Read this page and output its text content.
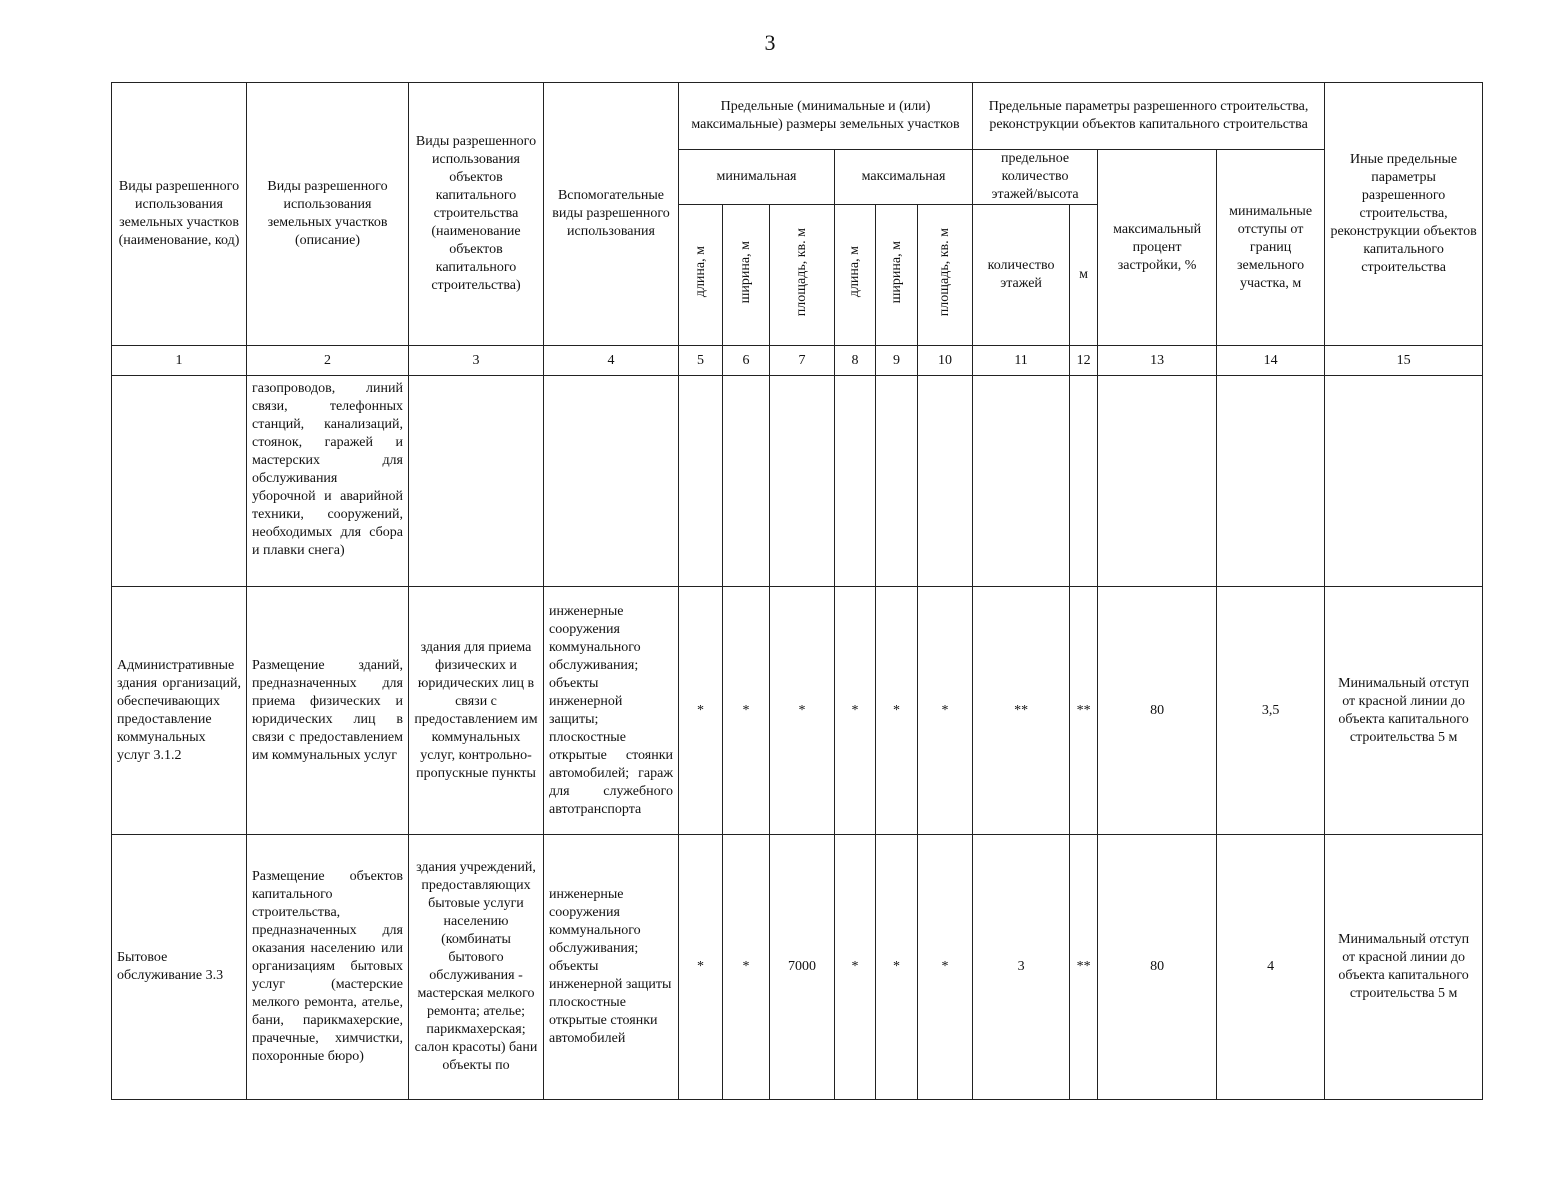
3
Виды разрешенного использования земельных участков (наименование, код)	Виды разрешенного использования земельных участков (описание)	Виды разрешенного использования объектов капитального строительства (наименование объектов капитального строительства)	Вспомогательные виды разрешенного использования	Предельные (минимальные и (или) максимальные) размеры земельных участков						Предельные параметры разрешенного строительства, реконструкции объектов капитального строительства				Иные предельные параметры разрешенного строительства, реконструкции объектов капитального строительства
				минимальная			максимальная			предельное количество этажей/высота		максимальный процент застройки, %	минимальные отступы от границ земельного участка, м	
				длина, м	ширина, м	площадь, кв. м	длина, м	ширина, м	площадь, кв. м	количество этажей	м			
1	2	3	4	5	6	7	8	9	10	11	12	13	14	15
	газопроводов, линий связи, телефонных станций, канализаций, стоянок, гаражей и мастерских для обслуживания уборочной и аварийной техники, сооружений, необходимых для сбора и плавки снега)													
Административные здания организаций, обеспечивающих предоставление коммунальных услуг 3.1.2	Размещение зданий, предназначенных для приема физических и юридических лиц в связи с предоставлением им коммунальных услуг	здания для приема физических и юридических лиц в связи с предоставлением им коммунальных услуг, контрольно-пропускные пункты	инженерные сооружения коммунального обслуживания; объекты инженерной защиты; плоскостные открытые стоянки автомобилей; гараж для служебного автотранспорта	*	*	*	*	*	*	**	**	80	3,5	Минимальный отступ от красной линии до объекта капитального строительства 5 м
Бытовое обслуживание 3.3	Размещение объектов капитального строительства, предназначенных для оказания населению или организациям бытовых услуг (мастерские мелкого ремонта, ателье, бани, парикмахерские, прачечные, химчистки, похоронные бюро)	здания учреждений, предоставляющих бытовые услуги населению (комбинаты бытового обслуживания - мастерская мелкого ремонта; ателье; парикмахерская; салон красоты) бани объекты по	инженерные сооружения коммунального обслуживания; объекты инженерной защиты плоскостные открытые стоянки автомобилей	*	*	7000	*	*	*	3	**	80	4	Минимальный отступ от красной линии до объекта капитального строительства 5 м
